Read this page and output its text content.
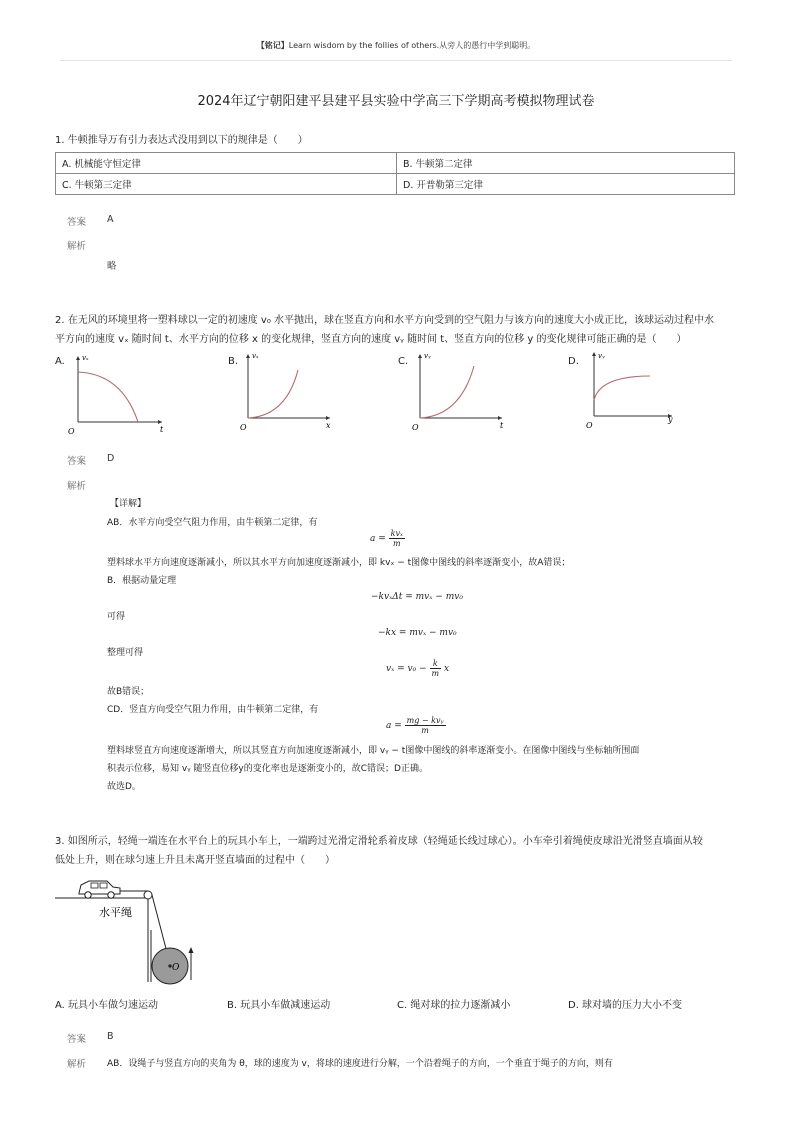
【铭记】Learn wisdom by the follies of others.从旁人的愚行中学到聪明。
2024年辽宁朝阳建平县建平县实验中学高三下学期高考模拟物理试卷
1. 牛顿推导万有引力表达式没用到以下的规律是（　　）
A. 机械能守恒定律	B. 牛顿第二定律
C. 牛顿第三定律	D. 开普勒第三定律
答案 A
解析
略
2. 在无风的环境里将一塑料球以一定的初速度 v₀ 水平抛出，球在竖直方向和水平方向受到的空气阻力与该方向的速度大小成正比，该球运动过程中水
平方向的速度 vₓ 随时间 t、水平方向的位移 x 的变化规律，竖直方向的速度 vᵧ 随时间 t、竖直方向的位移 y 的变化规律可能正确的是（　　）
A. vₓ
t
O
B. vₓ
x
O
C. vᵧ
t
O
D.	vᵧ
y
O
答案 D
解析
【详解】
AB．水平方向受空气阻力作用，由牛顿第二定律，有
$a = \frac{\text{kvₓ}}{m}$
塑料球水平方向速度逐渐减小，所以其水平方向加速度逐渐减小，即 kvₓ − t图像中图线的斜率逐渐变小，故A错误；
B．根据动量定理
−kvₓΔt = mvₓ − mv₀
可得
−kx = mvₓ − mv₀
整理可得
$v_x = v_0 - \frac{k}{m}$ x
故B错误；
CD．竖直方向受空气阻力作用，由牛顿第二定律，有
$a = \frac{\text{mg − kvᵧ}}{m}$
塑料球竖直方向速度逐渐增大，所以其竖直方向加速度逐渐减小，即 vᵧ − t图像中图线的斜率逐渐变小。在图像中图线与坐标轴所围面
积表示位移，易知 vᵧ 随竖直位移y的变化率也是逐渐变小的，故C错误；D正确。
故选D。
3. 如图所示，轻绳一端连在水平台上的玩具小车上，一端跨过光滑定滑轮系着皮球（轻绳延长线过球心）。小车牵引着绳使皮球沿光滑竖直墙面从较
低处上升，则在球匀速上升且未离开竖直墙面的过程中（　　）
O
水平绳
A. 玩具小车做匀速运动	B. 玩具小车做减速运动	C. 绳对球的拉力逐渐减小	D. 球对墙的压力大小不变
答案 B
解析 AB．设绳子与竖直方向的夹角为 θ，球的速度为 v，将球的速度进行分解，一个沿着绳子的方向，一个垂直于绳子的方向，则有
